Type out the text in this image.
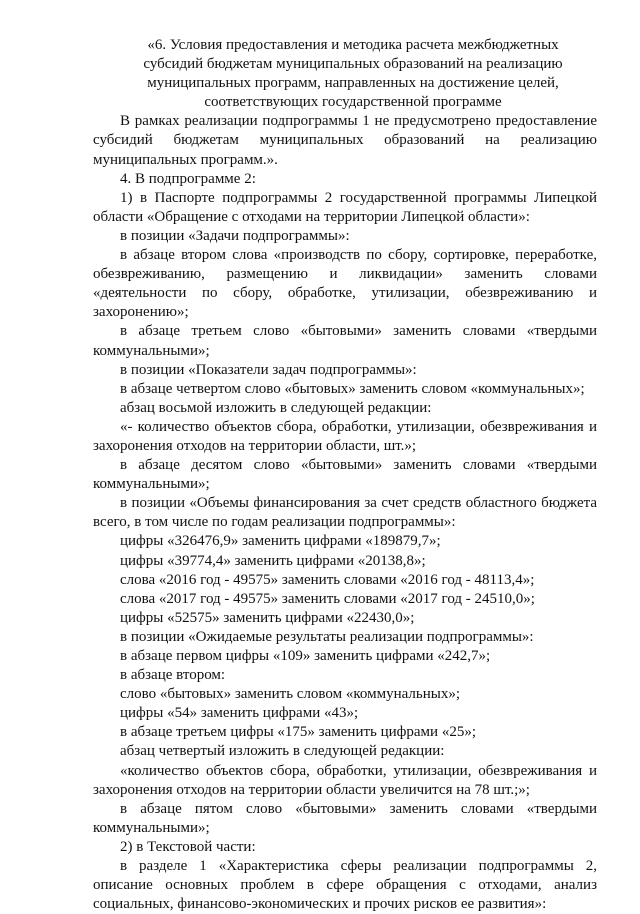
«6. Условия предоставления и методика расчета межбюджетных субсидий бюджетам муниципальных образований на реализацию муниципальных программ, направленных на достижение целей, соответствующих государственной программе

В рамках реализации подпрограммы 1 не предусмотрено предоставление субсидий бюджетам муниципальных образований на реализацию муниципальных программ.».

4. В подпрограмме 2:

1) в Паспорте подпрограммы 2 государственной программы Липецкой области «Обращение с отходами на территории Липецкой области»:

в позиции «Задачи подпрограммы»:

в абзаце втором слова «производств по сбору, сортировке, переработке, обезвреживанию, размещению и ликвидации» заменить словами «деятельности по сбору, обработке, утилизации, обезвреживанию и захоронению»;

в абзаце третьем слово «бытовыми» заменить словами «твердыми коммунальными»;

в позиции «Показатели задач подпрограммы»:

в абзаце четвертом слово «бытовых» заменить словом «коммунальных»;

абзац восьмой изложить в следующей редакции:

«- количество объектов сбора, обработки, утилизации, обезвреживания и захоронения отходов на территории области, шт.»;

в абзаце десятом слово «бытовыми» заменить словами «твердыми коммунальными»;

в позиции «Объемы финансирования за счет средств областного бюджета всего, в том числе по годам реализации подпрограммы»:

цифры «326476,9» заменить цифрами «189879,7»;

цифры «39774,4» заменить цифрами «20138,8»;

слова «2016 год - 49575» заменить словами «2016 год - 48113,4»;

слова «2017 год - 49575» заменить словами «2017 год - 24510,0»;

цифры «52575» заменить цифрами «22430,0»;

в позиции «Ожидаемые результаты реализации подпрограммы»:

в абзаце первом цифры «109» заменить цифрами «242,7»;

в абзаце втором:

слово «бытовых» заменить словом «коммунальных»;

цифры «54» заменить цифрами «43»;

в абзаце третьем цифры «175» заменить цифрами «25»;

абзац четвертый изложить в следующей редакции:

«количество объектов сбора, обработки, утилизации, обезвреживания и захоронения отходов на территории области увеличится на 78 шт.;»;

в абзаце пятом слово «бытовыми» заменить словами «твердыми коммунальными»;

2) в Текстовой части:

в разделе 1 «Характеристика сферы реализации подпрограммы 2, описание основных проблем в сфере обращения с отходами, анализ социальных, финансово-экономических и прочих рисков ее развития»:
